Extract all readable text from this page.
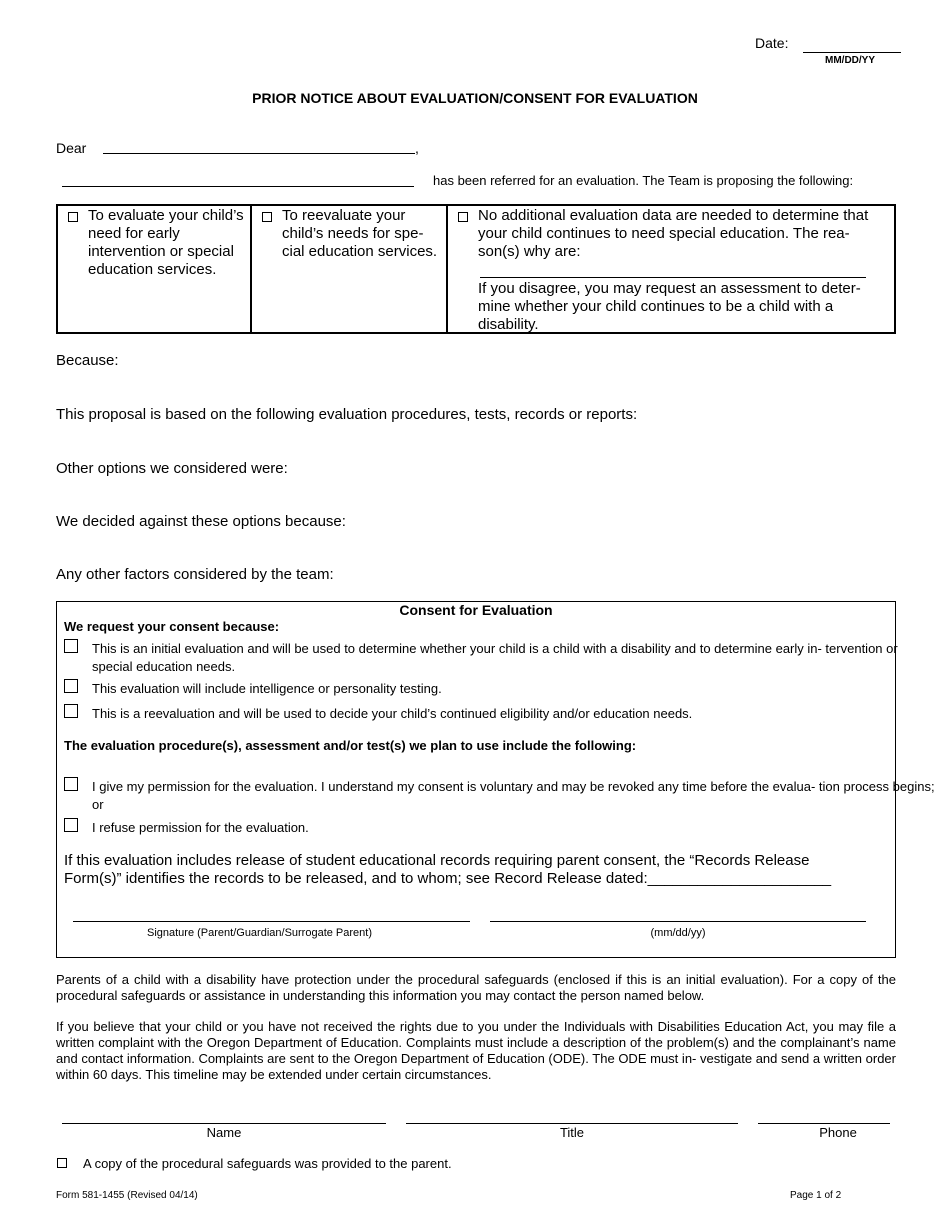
Date:
MM/DD/YY
PRIOR NOTICE ABOUT EVALUATION/CONSENT FOR EVALUATION
Dear	,
has been referred for an evaluation. The Team is proposing the following:
To evaluate your child’s need for early intervention or special education services.
To reevaluate your child’s needs for spe- cial education services.
No additional evaluation data are needed to determine that your child continues to need special education. The rea- son(s) why are:
If you disagree, you may request an assessment to deter- mine whether your child continues to be a child with a disability.
Because:
This proposal is based on the following evaluation procedures, tests, records or reports:
Other options we considered were:
We decided against these options because:
Any other factors considered by the team:
Consent for Evaluation
We request your consent because:
This is an initial evaluation and will be used to determine whether your child is a child with a disability and to determine early in- tervention or special education needs.
This evaluation will include intelligence or personality testing.
This is a reevaluation and will be used to decide your child’s continued eligibility and/or education needs.
The evaluation procedure(s), assessment and/or test(s) we plan to use include the following:
I give my permission for the evaluation. I understand my consent is voluntary and may be revoked any time before the evalua- tion process begins; or
I refuse permission for the evaluation.
If this evaluation includes release of student educational records requiring parent consent, the “Records Release Form(s)” identifies the records to be released, and to whom; see Record Release dated:______________________
Signature (Parent/Guardian/Surrogate Parent)	(mm/dd/yy)
Parents of a child with a disability have protection under the procedural safeguards (enclosed if this is an initial evaluation). For a copy of the procedural safeguards or assistance in understanding this information you may contact the person named below.
If you believe that your child or you have not received the rights due to you under the Individuals with Disabilities Education Act, you may file a written complaint with the Oregon Department of Education. Complaints must include a description of the problem(s) and the complainant’s name and contact information. Complaints are sent to the Oregon Department of Education (ODE). The ODE must in- vestigate and send a written order within 60 days. This timeline may be extended under certain circumstances.
Name	Title	Phone
A copy of the procedural safeguards was provided to the parent.
Form 581-1455 (Revised 04/14)	Page 1 of 2
